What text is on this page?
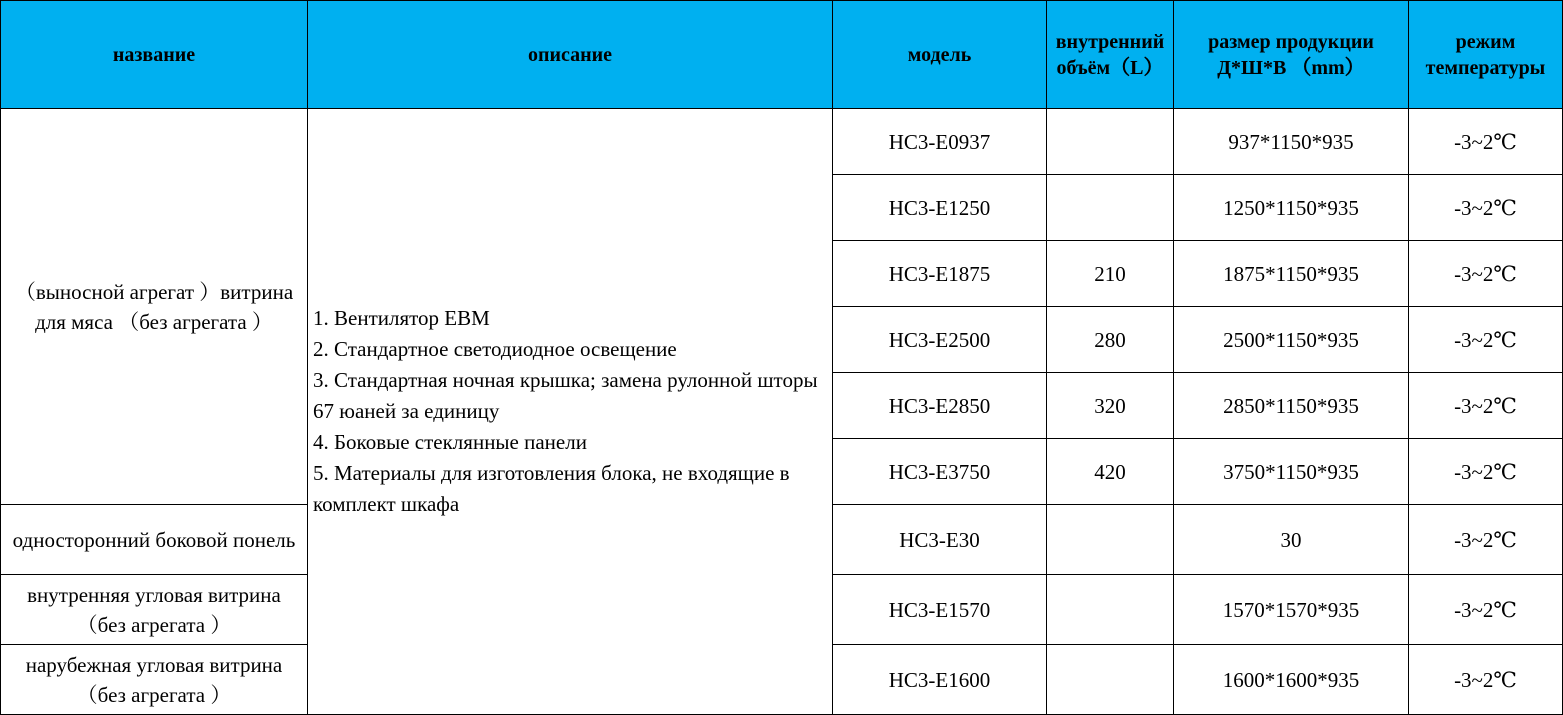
название	описание	модель	внутренний объём（L）	размер продукции Д*Ш*В （mm）	режим температуры
（выносной агрегат ）витрина для мяса （без агрегата ）	1. Вентилятор EBM
2. Стандартное светодиодное освещение
3. Стандартная ночная крышка; замена рулонной шторы 67 юаней за единицу
4. Боковые стеклянные панели
5. Материалы для изготовления блока, не входящие в комплект шкафа	HC3-E0937		937*1150*935	-3~2℃
		HC3-E1250		1250*1150*935	-3~2℃
		HC3-E1875	210	1875*1150*935	-3~2℃
		HC3-E2500	280	2500*1150*935	-3~2℃
		HC3-E2850	320	2850*1150*935	-3~2℃
		HC3-E3750	420	3750*1150*935	-3~2℃
односторонний боковой понель		HC3-E30		30	-3~2℃
внутренняя угловая витрина （без агрегата ）		HC3-E1570		1570*1570*935	-3~2℃
нарубежная угловая витрина （без агрегата ）		HC3-E1600		1600*1600*935	-3~2℃
